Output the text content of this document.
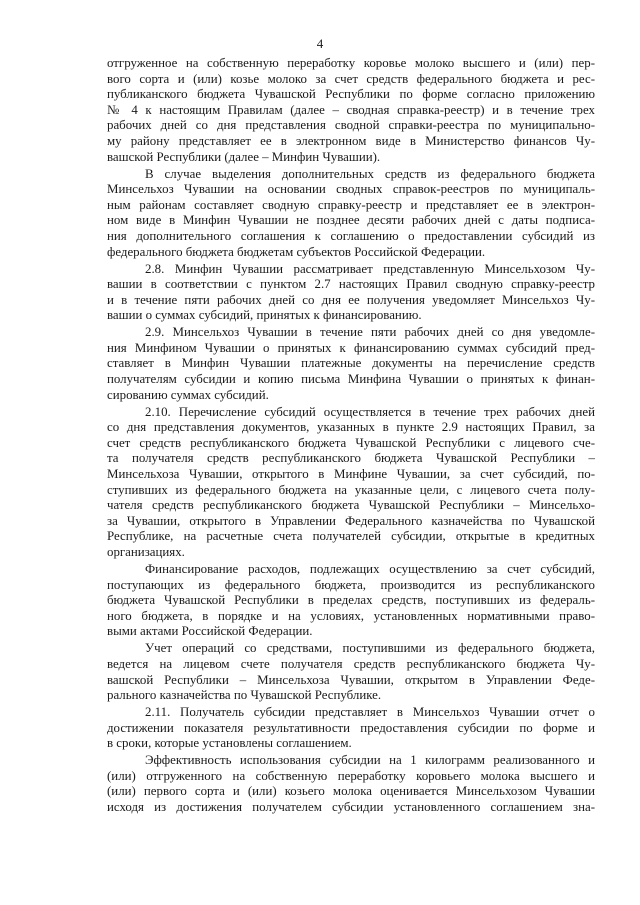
4
отгруженное на собственную переработку коровье молоко высшего и (или) пер-
вого сорта и (или) козье молоко за счет средств федерального бюджета и рес-
публиканского бюджета Чувашской Республики по форме согласно приложению
№ 4 к настоящим Правилам (далее – сводная справка-реестр) и в течение трех
рабочих дней со дня представления сводной справки-реестра по муниципально-
му району представляет ее в электронном виде в Министерство финансов Чу-
вашской Республики (далее – Минфин Чувашии).
В случае выделения дополнительных средств из федерального бюджета
Минсельхоз Чувашии на основании сводных справок-реестров по муниципаль-
ным районам составляет сводную справку-реестр и представляет ее в электрон-
ном виде в Минфин Чувашии не позднее десяти рабочих дней с даты подписа-
ния дополнительного соглашения к соглашению о предоставлении субсидий из
федерального бюджета бюджетам субъектов Российской Федерации.
2.8. Минфин Чувашии рассматривает представленную Минсельхозом Чу-
вашии в соответствии с пунктом 2.7 настоящих Правил сводную справку-реестр
и в течение пяти рабочих дней со дня ее получения уведомляет Минсельхоз Чу-
вашии о суммах субсидий, принятых к финансированию.
2.9. Минсельхоз Чувашии в течение пяти рабочих дней со дня уведомле-
ния Минфином Чувашии о принятых к финансированию суммах субсидий пред-
ставляет в Минфин Чувашии платежные документы на перечисление средств
получателям субсидии и копию письма Минфина Чувашии о принятых к финан-
сированию суммах субсидий.
2.10. Перечисление субсидий осуществляется в течение трех рабочих дней
со дня представления документов, указанных в пункте 2.9 настоящих Правил, за
счет средств республиканского бюджета Чувашской Республики с лицевого сче-
та получателя средств республиканского бюджета Чувашской Республики –
Минсельхоза Чувашии, открытого в Минфине Чувашии, за счет субсидий, по-
ступивших из федерального бюджета на указанные цели, с лицевого счета полу-
чателя средств республиканского бюджета Чувашской Республики – Минсельхо-
за Чувашии, открытого в Управлении Федерального казначейства по Чувашской
Республике, на расчетные счета получателей субсидии, открытые в кредитных
организациях.
Финансирование расходов, подлежащих осуществлению за счет субсидий,
поступающих из федерального бюджета, производится из республиканского
бюджета Чувашской Республики в пределах средств, поступивших из федераль-
ного бюджета, в порядке и на условиях, установленных нормативными право-
выми актами Российской Федерации.
Учет операций со средствами, поступившими из федерального бюджета,
ведется на лицевом счете получателя средств республиканского бюджета Чу-
вашской Республики – Минсельхоза Чувашии, открытом в Управлении Феде-
рального казначейства по Чувашской Республике.
2.11. Получатель субсидии представляет в Минсельхоз Чувашии отчет о
достижении показателя результативности предоставления субсидии по форме и
в сроки, которые установлены соглашением.
Эффективность использования субсидии на 1 килограмм реализованного и
(или) отгруженного на собственную переработку коровьего молока высшего и
(или) первого сорта и (или) козьего молока оценивается Минсельхозом Чувашии
исходя из достижения получателем субсидии установленного соглашением зна-
